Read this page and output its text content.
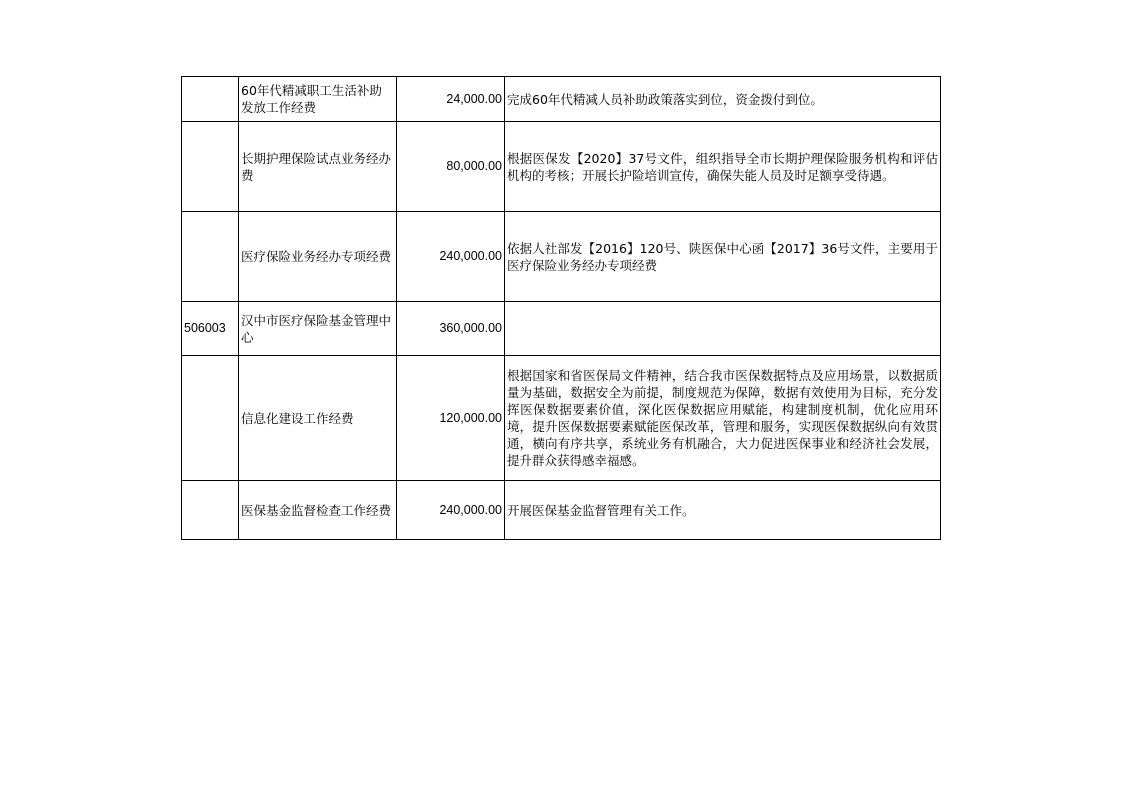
	60年代精减职工生活补助发放工作经费	24,000.00	完成60年代精减人员补助政策落实到位，资金拨付到位。
	长期护理保险试点业务经办费	80,000.00	根据医保发【2020】37号文件，组织指导全市长期护理保险服务机构和评估机构的考核；开展长护险培训宣传，确保失能人员及时足额享受待遇。
	医疗保险业务经办专项经费	240,000.00	依据人社部发【2016】120号、陕医保中心函【2017】36号文件，主要用于医疗保险业务经办专项经费
506003	汉中市医疗保险基金管理中心	360,000.00	
	信息化建设工作经费	120,000.00	根据国家和省医保局文件精神，结合我市医保数据特点及应用场景，以数据质量为基础，数据安全为前提，制度规范为保障，数据有效使用为目标，充分发挥医保数据要素价值，深化医保数据应用赋能，构建制度机制，优化应用环境，提升医保数据要素赋能医保改革，管理和服务，实现医保数据纵向有效贯通，横向有序共享，系统业务有机融合，大力促进医保事业和经济社会发展，提升群众获得感幸福感。
	医保基金监督检查工作经费	240,000.00	开展医保基金监督管理有关工作。
